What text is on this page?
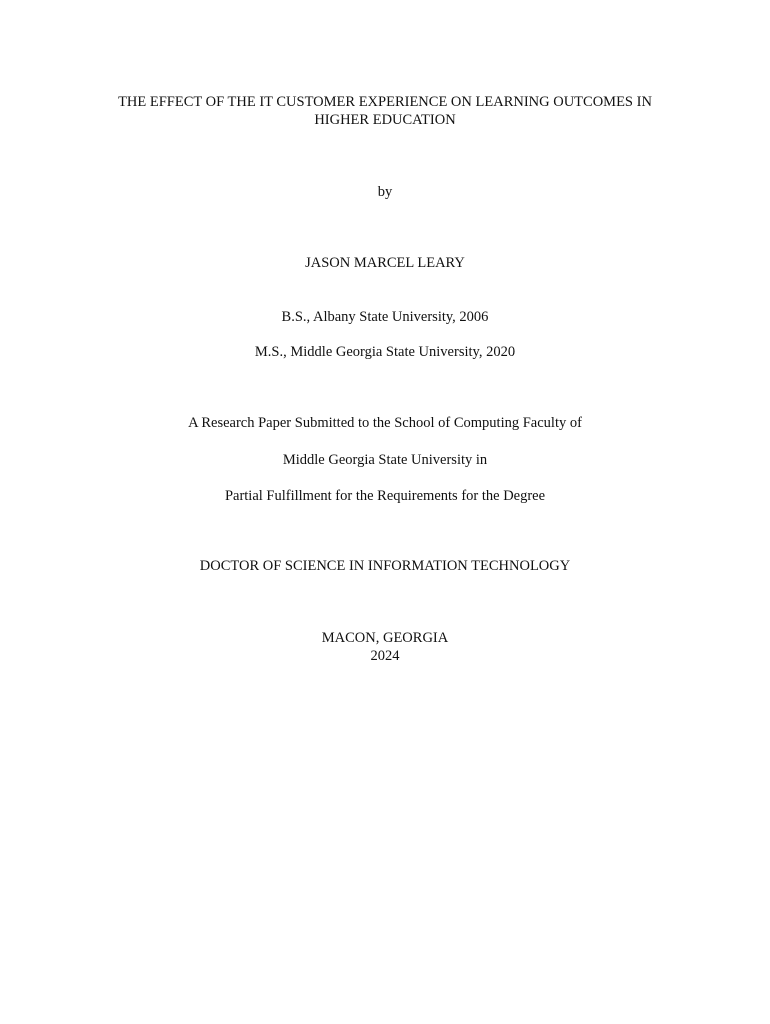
THE EFFECT OF THE IT CUSTOMER EXPERIENCE ON LEARNING OUTCOMES IN
HIGHER EDUCATION
by
JASON MARCEL LEARY
B.S., Albany State University, 2006
M.S., Middle Georgia State University, 2020
A Research Paper Submitted to the School of Computing Faculty of
Middle Georgia State University in
Partial Fulfillment for the Requirements for the Degree
DOCTOR OF SCIENCE IN INFORMATION TECHNOLOGY
MACON, GEORGIA
2024
